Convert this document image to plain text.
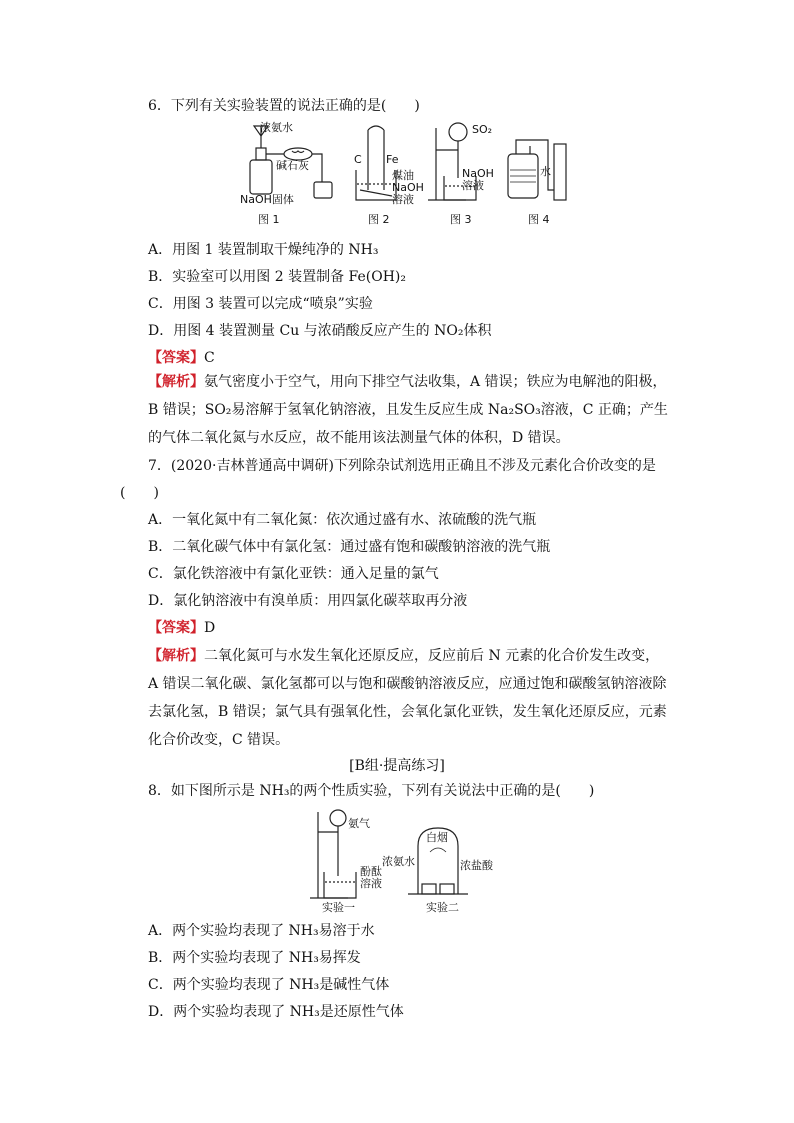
6．下列有关实验装置的说法正确的是(　　)
浓氨水
碱石灰
NaOH固体
C Fe
煤油
NaOH
溶液
SO₂
NaOH
溶液
水
图 1	图 2	图 3	图 4
A．用图 1 装置制取干燥纯净的 NH₃
B．实验室可以用图 2 装置制备 Fe(OH)₂
C．用图 3 装置可以完成“喷泉”实验
D．用图 4 装置测量 Cu 与浓硝酸反应产生的 NO₂体积
【答案】C
【解析】氨气密度小于空气，用向下排空气法收集，A 错误；铁应为电解池的阳极，B 错误；SO₂易溶解于氢氧化钠溶液，且发生反应生成 Na₂SO₃溶液，C 正确；产生的气体二氧化氮与水反应，故不能用该法测量气体的体积，D 错误。
7．(2020·吉林普通高中调研)下列除杂试剂选用正确且不涉及元素化合价改变的是
(　　)
A．一氧化氮中有二氧化氮：依次通过盛有水、浓硫酸的洗气瓶
B．二氧化碳气体中有氯化氢：通过盛有饱和碳酸钠溶液的洗气瓶
C．氯化铁溶液中有氯化亚铁：通入足量的氯气
D．氯化钠溶液中有溴单质：用四氯化碳萃取再分液
【答案】D
【解析】二氧化氮可与水发生氧化还原反应，反应前后 N 元素的化合价发生改变，A 错误二氧化碳、氯化氢都可以与饱和碳酸钠溶液反应，应通过饱和碳酸氢钠溶液除去氯化氢，B 错误；氯气具有强氧化性，会氧化氯化亚铁，发生氧化还原反应，元素化合价改变，C 错误。
[B组·提高练习]
8．如下图所示是 NH₃的两个性质实验，下列有关说法中正确的是(　　)
氨气
酚酞
溶液
白烟
浓氨水	浓盐酸
实验一	实验二
A．两个实验均表现了 NH₃易溶于水
B．两个实验均表现了 NH₃易挥发
C．两个实验均表现了 NH₃是碱性气体
D．两个实验均表现了 NH₃是还原性气体
